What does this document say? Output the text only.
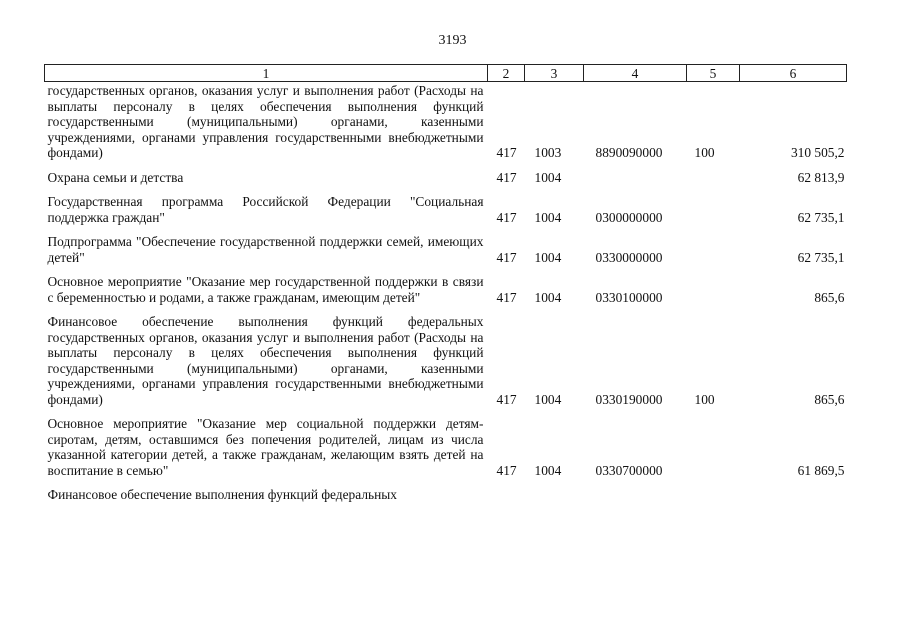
3193
1	2	3	4	5	6
государственных органов, оказания услуг и выполнения работ (Расходы на выплаты персоналу в целях обеспечения выполнения функций государственными (муниципальными) органами, казенными учреждениями, органами управления государственными внебюджетными фондами)	417	1003	8890090000	100	310 505,2
Охрана семьи и детства	417	1004			62 813,9
Государственная программа Российской Федерации "Социальная поддержка граждан"	417	1004	0300000000		62 735,1
Подпрограмма "Обеспечение государственной поддержки семей, имеющих детей"	417	1004	0330000000		62 735,1
Основное мероприятие "Оказание мер государственной поддержки в связи с беременностью и родами, а также гражданам, имеющим детей"	417	1004	0330100000		865,6
Финансовое обеспечение выполнения функций федеральных государственных органов, оказания услуг и выполнения работ (Расходы на выплаты персоналу в целях обеспечения выполнения функций государственными (муниципальными) органами, казенными учреждениями, органами управления государственными внебюджетными фондами)	417	1004	0330190000	100	865,6
Основное мероприятие "Оказание мер социальной поддержки детям-сиротам, детям, оставшимся без попечения родителей, лицам из числа указанной категории детей, а также гражданам, желающим взять детей на воспитание в семью"	417	1004	0330700000		61 869,5
Финансовое обеспечение выполнения функций федеральных					
